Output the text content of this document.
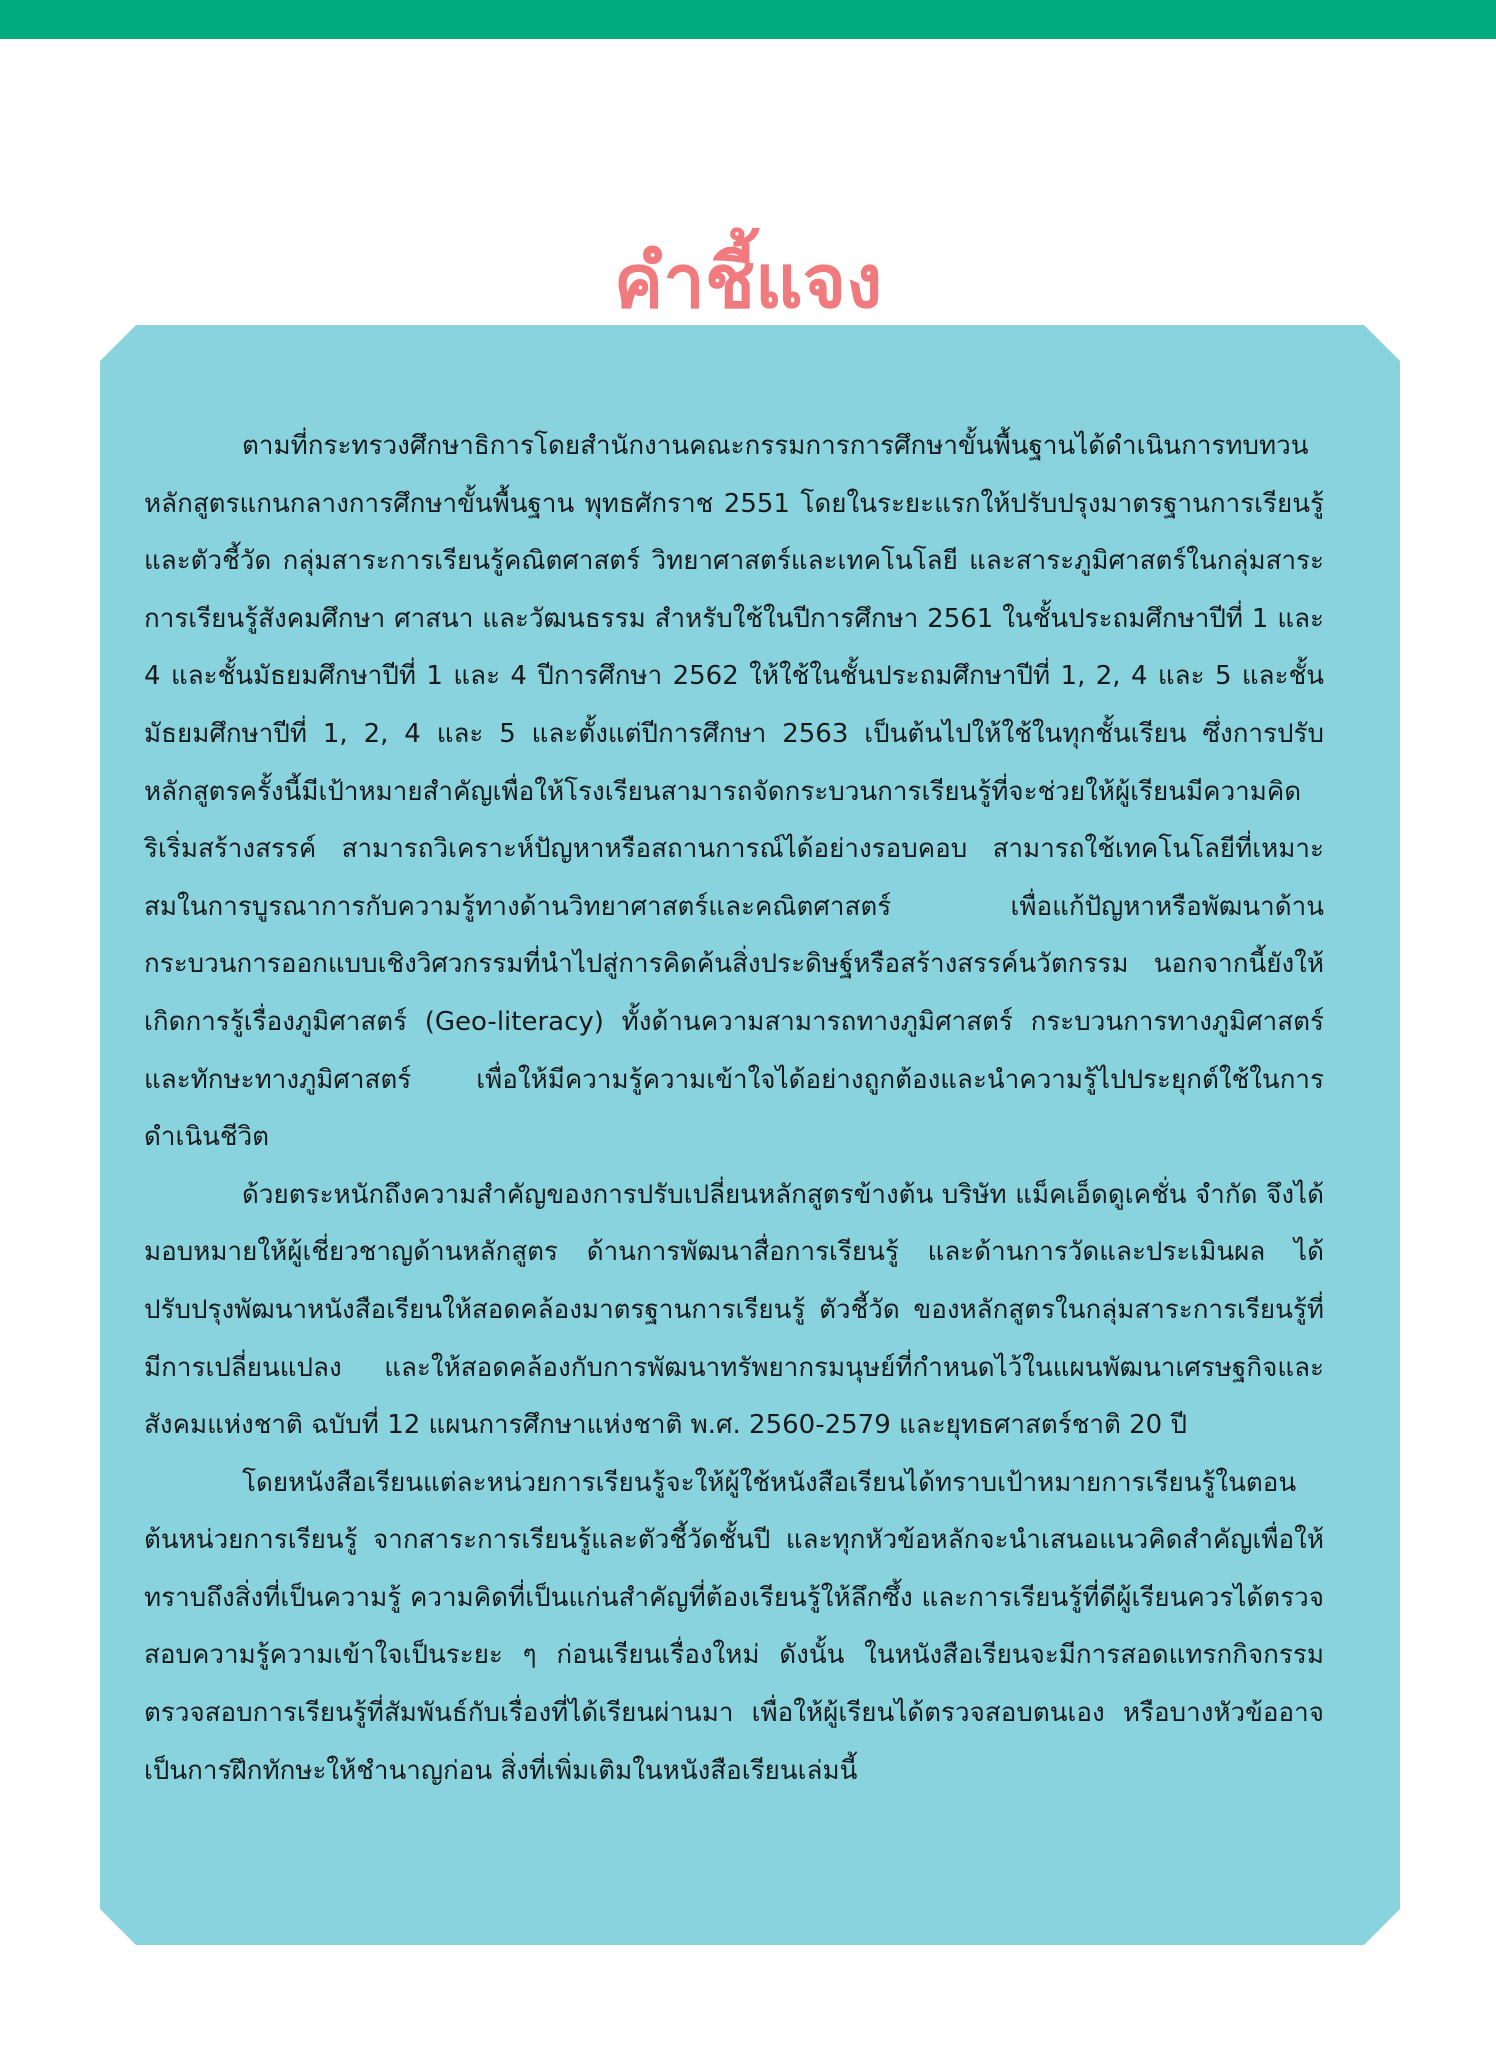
คำชี้แจง

ตามที่กระทรวงศึกษาธิการโดยสำนักงานคณะกรรมการการศึกษาขั้นพื้นฐานได้ดำเนินการทบทวนหลักสูตรแกนกลางการศึกษาขั้นพื้นฐาน พุทธศักราช 2551 โดยในระยะแรกให้ปรับปรุงมาตรฐานการเรียนรู้และตัวชี้วัด กลุ่มสาระการเรียนรู้คณิตศาสตร์ วิทยาศาสตร์และเทคโนโลยี และสาระภูมิศาสตร์ในกลุ่มสาระการเรียนรู้สังคมศึกษา ศาสนา และวัฒนธรรม สำหรับใช้ในปีการศึกษา 2561 ในชั้นประถมศึกษาปีที่ 1 และ 4 และชั้นมัธยมศึกษาปีที่ 1 และ 4 ปีการศึกษา 2562 ให้ใช้ในชั้นประถมศึกษาปีที่ 1, 2, 4 และ 5 และชั้นมัธยมศึกษาปีที่ 1, 2, 4 และ 5 และตั้งแต่ปีการศึกษา 2563 เป็นต้นไปให้ใช้ในทุกชั้นเรียน ซึ่งการปรับหลักสูตรครั้งนี้มีเป้าหมายสำคัญเพื่อให้โรงเรียนสามารถจัดกระบวนการเรียนรู้ที่จะช่วยให้ผู้เรียนมีความคิดริเริ่มสร้างสรรค์ สามารถวิเคราะห์ปัญหาหรือสถานการณ์ได้อย่างรอบคอบ สามารถใช้เทคโนโลยีที่เหมาะสมในการบูรณาการกับความรู้ทางด้านวิทยาศาสตร์และคณิตศาสตร์ เพื่อแก้ปัญหาหรือพัฒนาด้านกระบวนการออกแบบเชิงวิศวกรรมที่นำไปสู่การคิดค้นสิ่งประดิษฐ์หรือสร้างสรรค์นวัตกรรม นอกจากนี้ยังให้เกิดการรู้เรื่องภูมิศาสตร์ (Geo-literacy) ทั้งด้านความสามารถทางภูมิศาสตร์ กระบวนการทางภูมิศาสตร์ และทักษะทางภูมิศาสตร์ เพื่อให้มีความรู้ความเข้าใจได้อย่างถูกต้องและนำความรู้ไปประยุกต์ใช้ในการดำเนินชีวิต

ด้วยตระหนักถึงความสำคัญของการปรับเปลี่ยนหลักสูตรข้างต้น บริษัท แม็คเอ็ดดูเคชั่น จำกัด จึงได้มอบหมายให้ผู้เชี่ยวชาญด้านหลักสูตร ด้านการพัฒนาสื่อการเรียนรู้ และด้านการวัดและประเมินผล ได้ปรับปรุงพัฒนาหนังสือเรียนให้สอดคล้องมาตรฐานการเรียนรู้ ตัวชี้วัด ของหลักสูตรในกลุ่มสาระการเรียนรู้ที่มีการเปลี่ยนแปลง และให้สอดคล้องกับการพัฒนาทรัพยากรมนุษย์ที่กำหนดไว้ในแผนพัฒนาเศรษฐกิจและสังคมแห่งชาติ ฉบับที่ 12 แผนการศึกษาแห่งชาติ พ.ศ. 2560-2579 และยุทธศาสตร์ชาติ 20 ปี

โดยหนังสือเรียนแต่ละหน่วยการเรียนรู้จะให้ผู้ใช้หนังสือเรียนได้ทราบเป้าหมายการเรียนรู้ในตอนต้นหน่วยการเรียนรู้ จากสาระการเรียนรู้และตัวชี้วัดชั้นปี และทุกหัวข้อหลักจะนำเสนอแนวคิดสำคัญเพื่อให้ทราบถึงสิ่งที่เป็นความรู้ ความคิดที่เป็นแก่นสำคัญที่ต้องเรียนรู้ให้ลึกซึ้ง และการเรียนรู้ที่ดีผู้เรียนควรได้ตรวจสอบความรู้ความเข้าใจเป็นระยะ ๆ ก่อนเรียนเรื่องใหม่ ดังนั้น ในหนังสือเรียนจะมีการสอดแทรกกิจกรรมตรวจสอบการเรียนรู้ที่สัมพันธ์กับเรื่องที่ได้เรียนผ่านมา เพื่อให้ผู้เรียนได้ตรวจสอบตนเอง หรือบางหัวข้ออาจเป็นการฝึกทักษะให้ชำนาญก่อน สิ่งที่เพิ่มเติมในหนังสือเรียนเล่มนี้
